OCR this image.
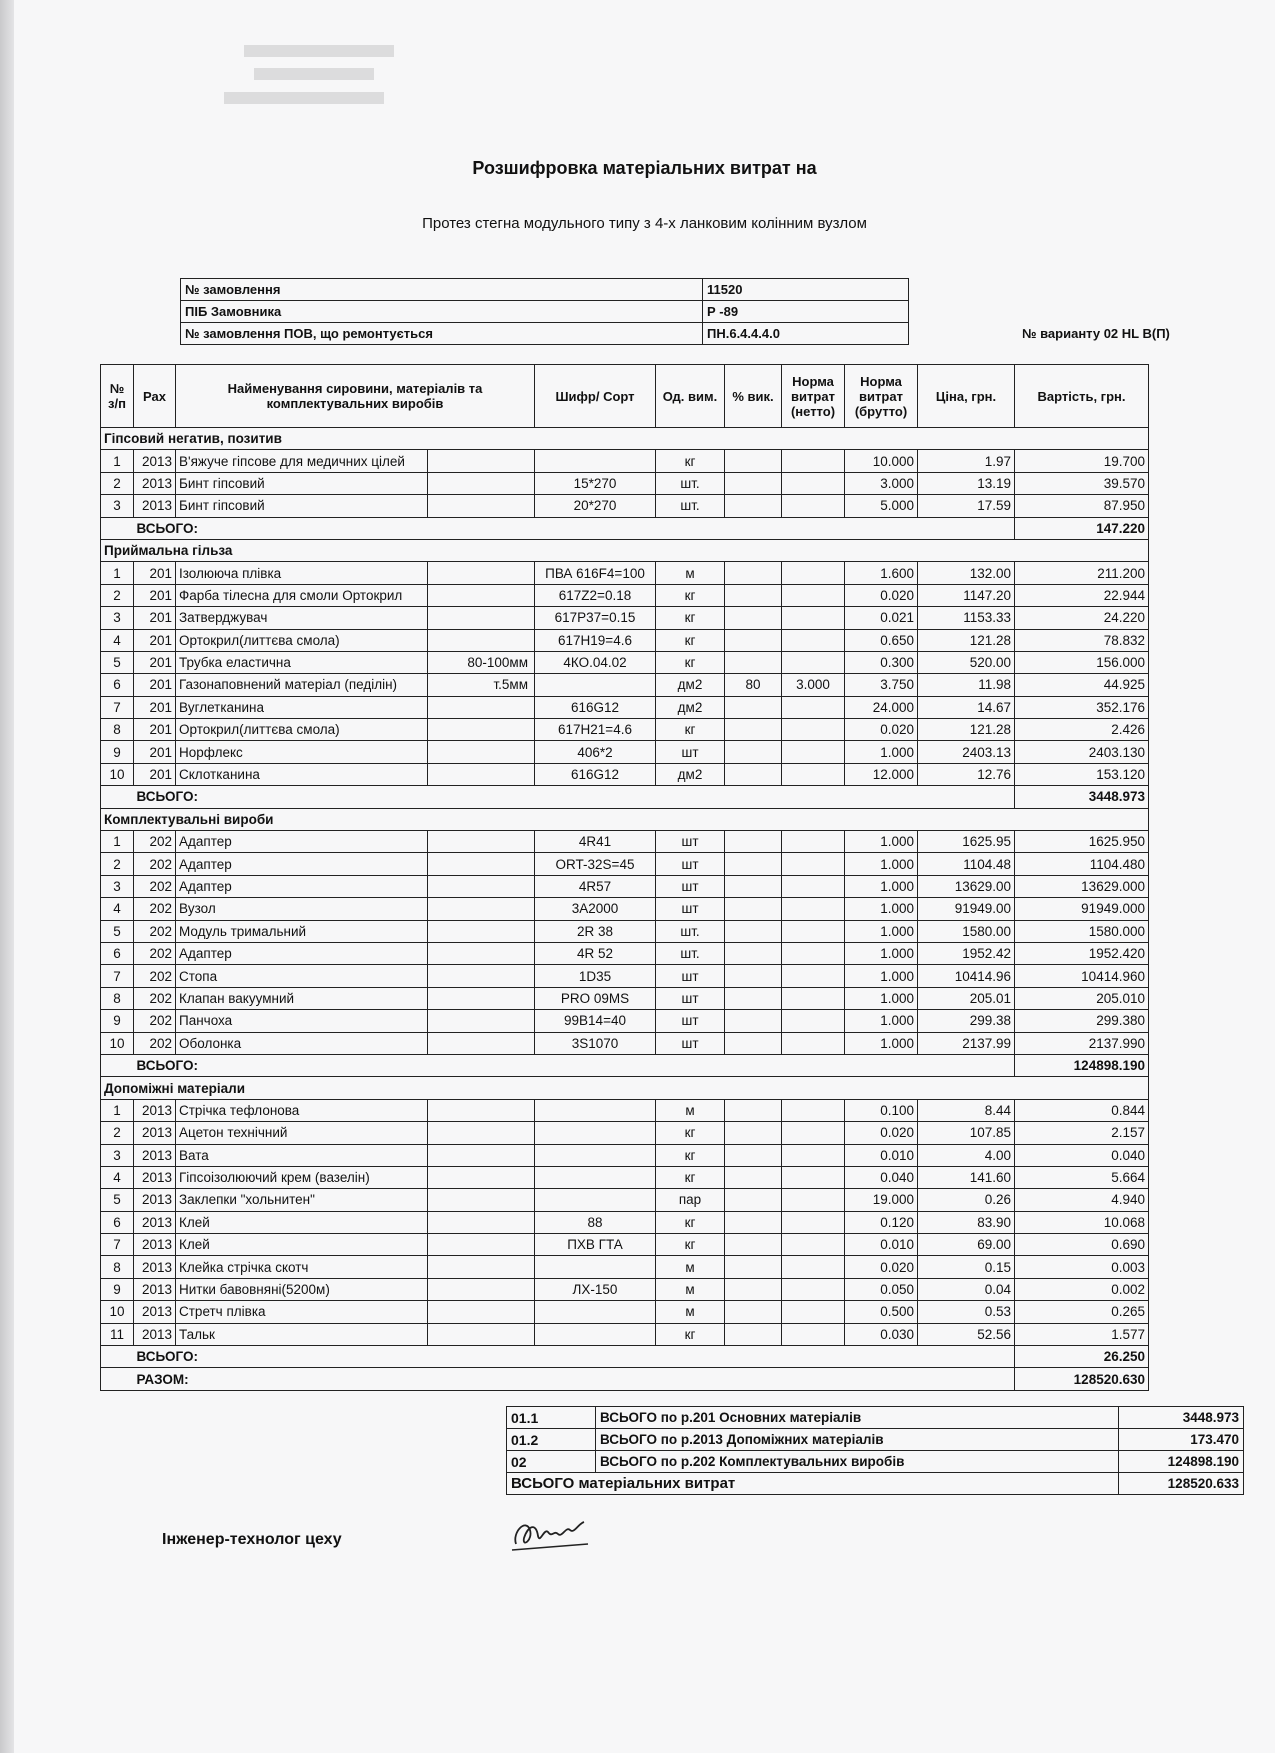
Розшифровка матеріальних витрат на
Протез стегна модульного типу з 4-х ланковим колінним вузлом
№ замовлення	11520
ПІБ Замовника	Р -89
№ замовлення ПОВ, що ремонтується	ПН.6.4.4.4.0	№ варианту 02 HL В(П)
№ з/п	Рах	Найменування сировини, матеріалів та комплектувальних виробів		Шифр/ Сорт	Од. вим.	% вик.	Норма витрат (нетто)	Норма витрат (брутто)	Ціна, грн.	Вартість, грн.
Гіпсовий негатив, позитив										
1	2013	В'яжуче гіпсове для медичних цілей			кг			10.000	1.97	19.700
2	2013	Бинт гіпсовий		15*270	шт.			3.000	13.19	39.570
3	2013	Бинт гіпсовий		20*270	шт.			5.000	17.59	87.950
	ВСЬОГО:									147.220
Приймальна гільза										
1	201	Ізолююча плівка		ПВА 616F4=100	м			1.600	132.00	211.200
2	201	Фарба тілесна для смоли Ортокрил		617Z2=0.18	кг			0.020	1147.20	22.944
3	201	Затверджувач		617P37=0.15	кг			0.021	1153.33	24.220
4	201	Ортокрил(литтєва смола)		617H19=4.6	кг			0.650	121.28	78.832
5	201	Трубка еластична	80-100мм	4КО.04.02	кг			0.300	520.00	156.000
6	201	Газонаповнений матеріал (педілін)	т.5мм		дм2	80	3.000	3.750	11.98	44.925
7	201	Вуглетканина		616G12	дм2			24.000	14.67	352.176
8	201	Ортокрил(литтєва смола)		617H21=4.6	кг			0.020	121.28	2.426
9	201	Норфлекс		406*2	шт			1.000	2403.13	2403.130
10	201	Склотканина		616G12	дм2			12.000	12.76	153.120
	ВСЬОГО:									3448.973
Комплектувальні вироби										
1	202	Адаптер		4R41	шт			1.000	1625.95	1625.950
2	202	Адаптер		ORT-32S=45	шт			1.000	1104.48	1104.480
3	202	Адаптер		4R57	шт			1.000	13629.00	13629.000
4	202	Вузол		3A2000	шт			1.000	91949.00	91949.000
5	202	Модуль тримальний		2R 38	шт.			1.000	1580.00	1580.000
6	202	Адаптер		4R 52	шт.			1.000	1952.42	1952.420
7	202	Стопа		1D35	шт			1.000	10414.96	10414.960
8	202	Клапан вакуумний		PRO 09MS	шт			1.000	205.01	205.010
9	202	Панчоха		99B14=40	шт			1.000	299.38	299.380
10	202	Оболонка		3S1070	шт			1.000	2137.99	2137.990
	ВСЬОГО:									124898.190
Допоміжні матеріали										
1	2013	Стрічка тефлонова			м			0.100	8.44	0.844
2	2013	Ацетон технічний			кг			0.020	107.85	2.157
3	2013	Вата			кг			0.010	4.00	0.040
4	2013	Гіпсоізолюючий крем (вазелін)			кг			0.040	141.60	5.664
5	2013	Заклепки "хольнитен"			пар			19.000	0.26	4.940
6	2013	Клей		88	кг			0.120	83.90	10.068
7	2013	Клей		ПХВ ГТА	кг			0.010	69.00	0.690
8	2013	Клейка стрічка скотч			м			0.020	0.15	0.003
9	2013	Нитки бавовняні(5200м)		ЛХ-150	м			0.050	0.04	0.002
10	2013	Стретч плівка			м			0.500	0.53	0.265
11	2013	Тальк			кг			0.030	52.56	1.577
	ВСЬОГО:									26.250
	РАЗОМ:									128520.630
01.1	ВСЬОГО по р.201 Основних матеріалів	3448.973
01.2	ВСЬОГО по р.2013 Допоміжних матеріалів	173.470
02	ВСЬОГО по р.202 Комплектувальних виробів	124898.190
ВСЬОГО матеріальних витрат		128520.633
Інженер-технолог цеху
